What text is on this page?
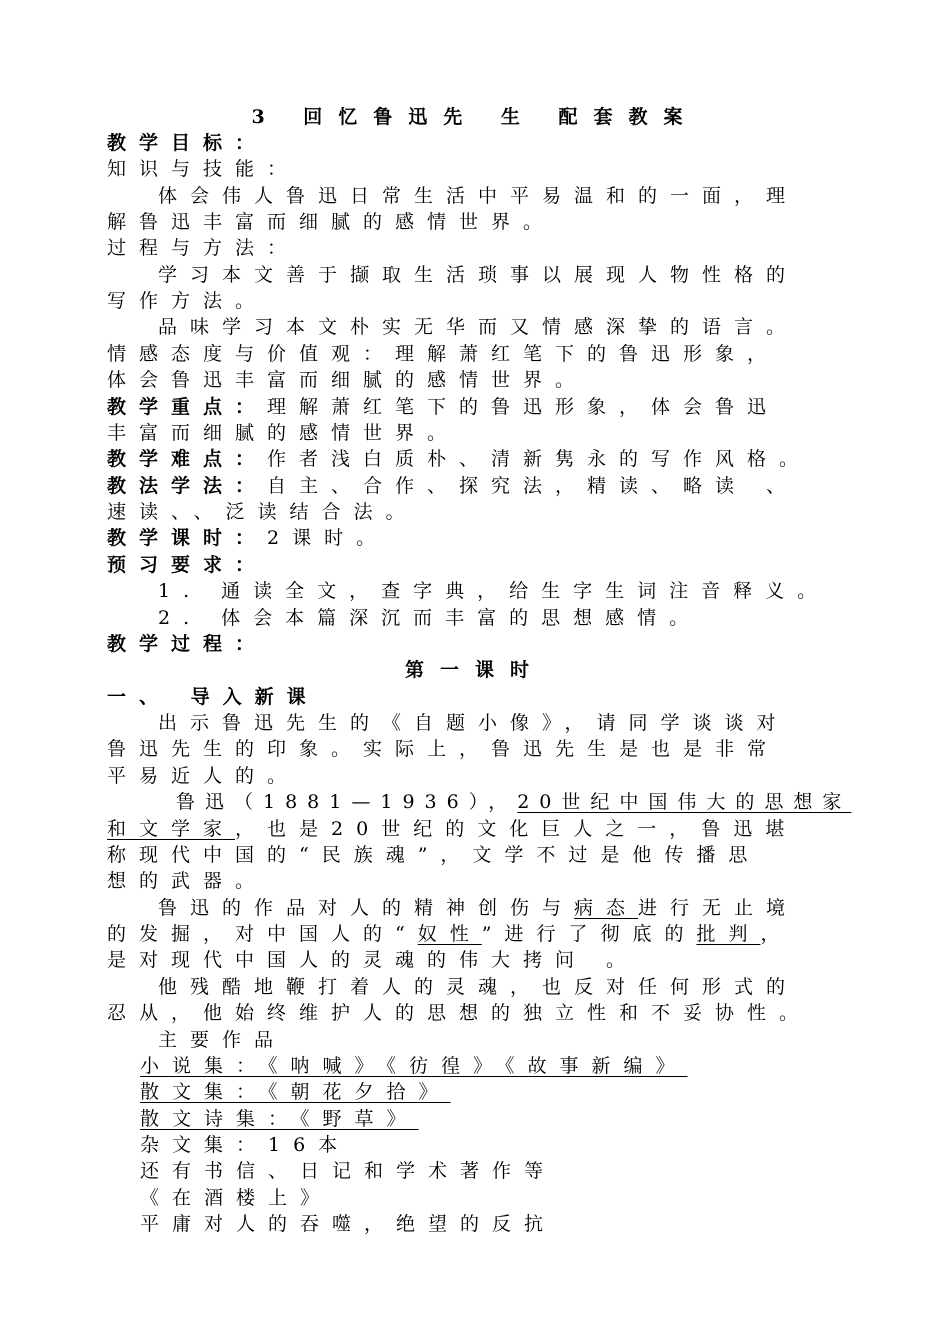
3 回忆鲁迅先 生 配套教案
教学目标：
知识与技能：
体会伟人鲁迅日常生活中平易温和的一面，理
解鲁迅丰富而细腻的感情世界。
过程与方法：
学习本文善于撷取生活琐事以展现人物性格的
写作方法。
品味学习本文朴实无华而又情感深挚的语言。
情感态度与价值观：理解萧红笔下的鲁迅形象，
体会鲁迅丰富而细腻的感情世界。
教学重点：理解萧红笔下的鲁迅形象，体会鲁迅
丰富而细腻的感情世界。
教学难点：作者浅白质朴、清新隽永的写作风格。
教法学法：自主、合作、探究法，精读、略读 、
速读、、泛读结合法。
教学课时：2课时。
预习要求：
1. 通读全文，查字典，给生字生词注音释义。
2. 体会本篇深沉而丰富的思想感情。
教学过程：
第一课时
一、 导入新课
出示鲁迅先生的《自题小像》，请同学谈谈对
鲁迅先生的印象。实际上，鲁迅先生是也是非常
平易近人的。
鲁迅（1881—1936），20世纪中国伟大的思想家
和文学家，也是20世纪的文化巨人之一，鲁迅堪
称现代中国的“民族魂”，文学不过是他传播思
想的武器。
鲁迅的作品对人的精神创伤与病态进行无止境
的发掘，对中国人的“奴性”进行了彻底的批判，
是对现代中国人的灵魂的伟大拷问 。
他残酷地鞭打着人的灵魂，也反对任何形式的
忍从，他始终维护人的思想的独立性和不妥协性。
主要作品
小说集：《呐喊》《彷徨》《故事新编》
散文集：《朝花夕拾》
散文诗集：《野草》
杂文集：16本
还有书信、日记和学术著作等
《在酒楼上》
平庸对人的吞噬，绝望的反抗
